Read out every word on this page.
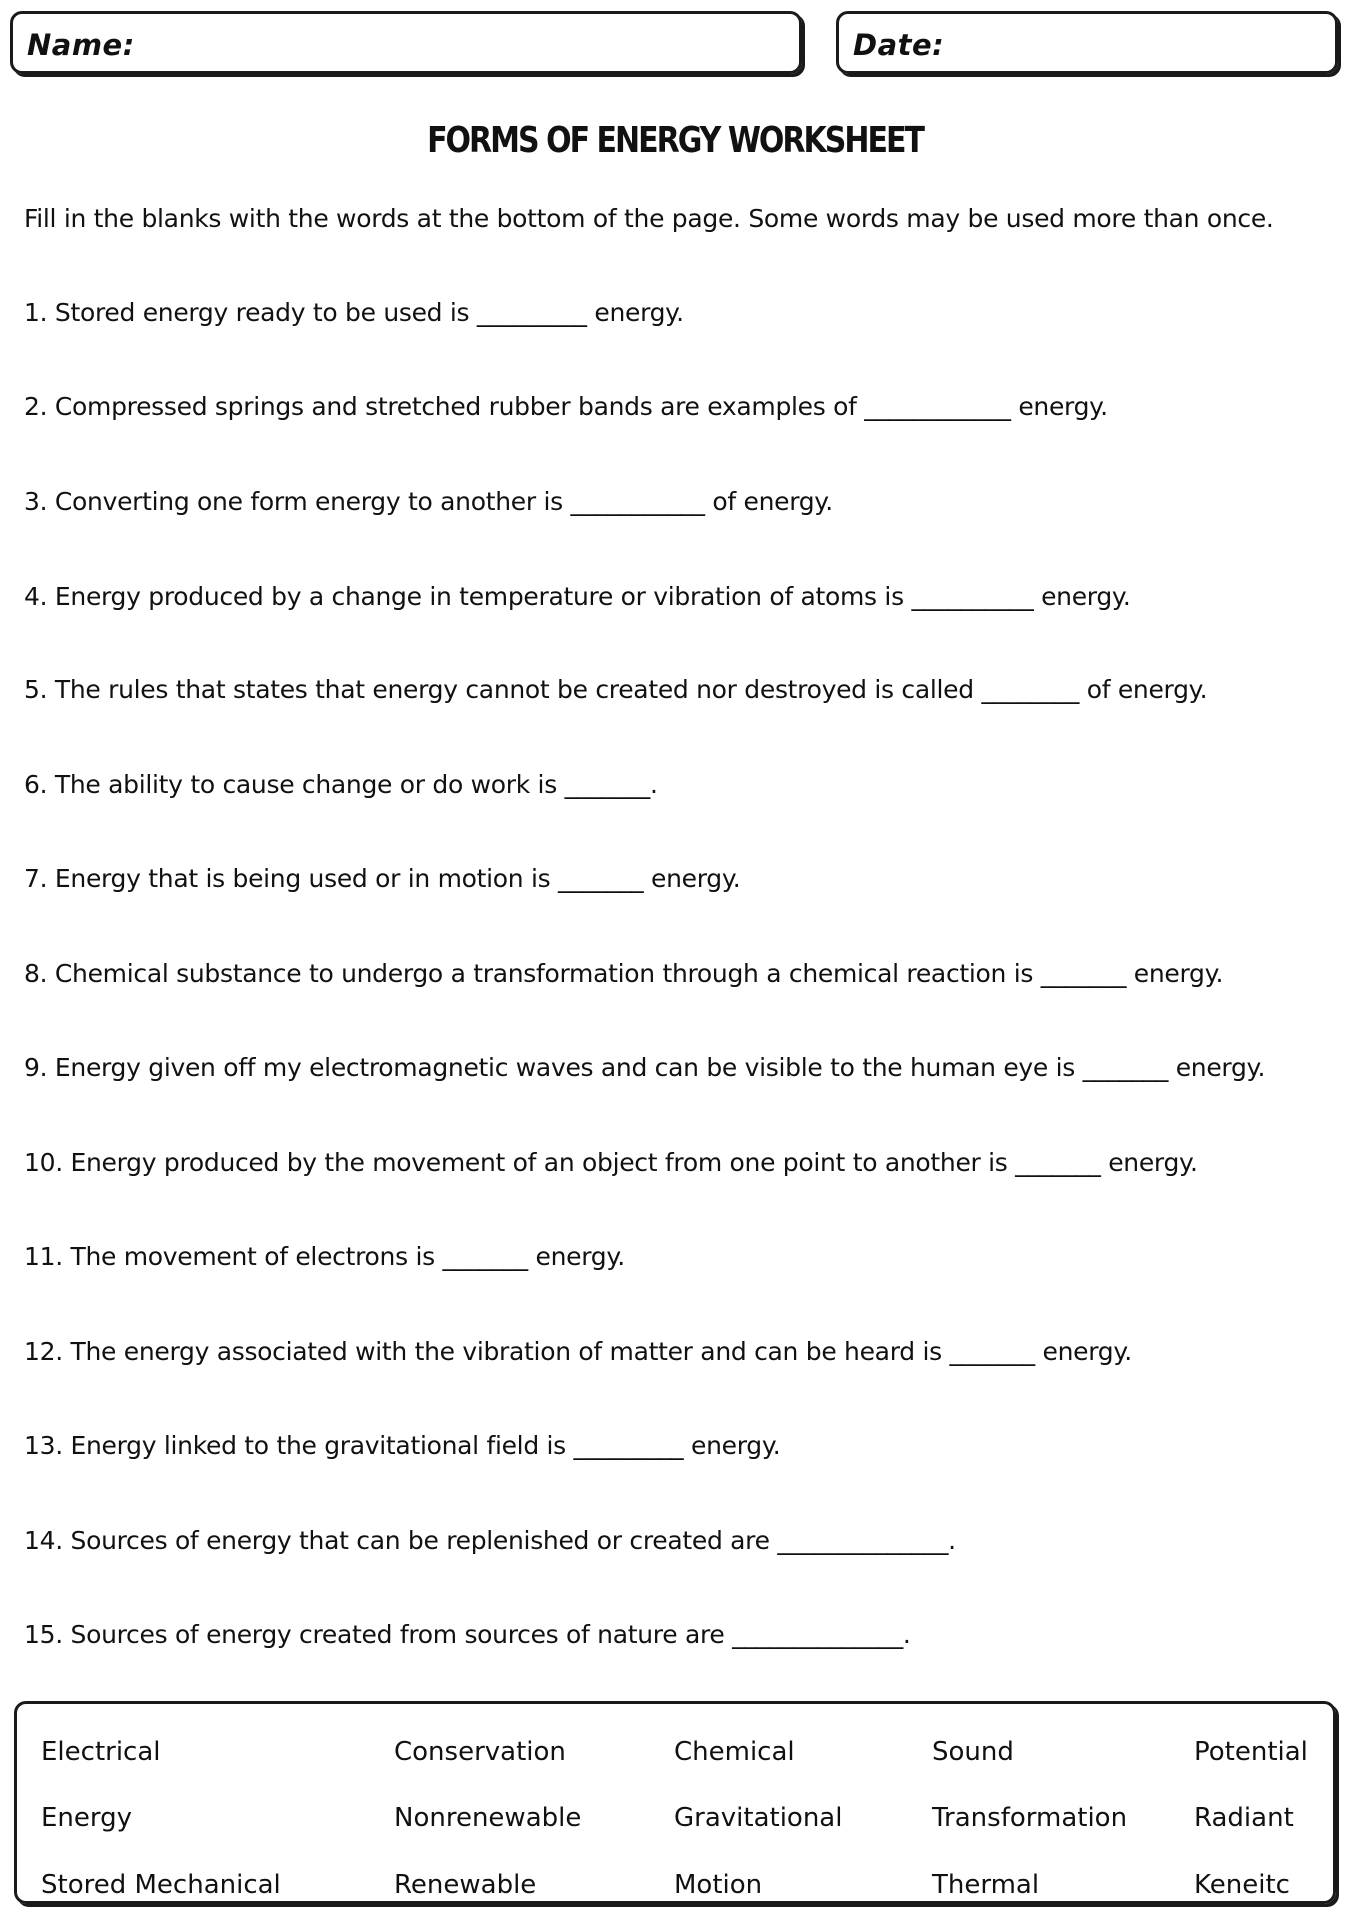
Name:	Date:
FORMS OF ENERGY WORKSHEET
Fill in the blanks with the words at the bottom of the page. Some words may be used more than once.
1. Stored energy ready to be used is _________ energy.
2. Compressed springs and stretched rubber bands are examples of ____________ energy.
3. Converting one form energy to another is ___________ of energy.
4. Energy produced by a change in temperature or vibration of atoms is __________ energy.
5. The rules that states that energy cannot be created nor destroyed is called ________ of energy.
6. The ability to cause change or do work is _______.
7. Energy that is being used or in motion is _______ energy.
8. Chemical substance to undergo a transformation through a chemical reaction is _______ energy.
9. Energy given off my electromagnetic waves and can be visible to the human eye is _______ energy.
10. Energy produced by the movement of an object from one point to another is _______ energy.
11. The movement of electrons is _______ energy.
12. The energy associated with the vibration of matter and can be heard is _______ energy.
13. Energy linked to the gravitational field is _________ energy.
14. Sources of energy that can be replenished or created are ______________.
15. Sources of energy created from sources of nature are ______________.
Electrical	Conservation	Chemical	Sound	Potential
Energy	Nonrenewable	Gravitational	Transformation	Radiant
Stored Mechanical	Renewable	Motion	Thermal	Keneitc
